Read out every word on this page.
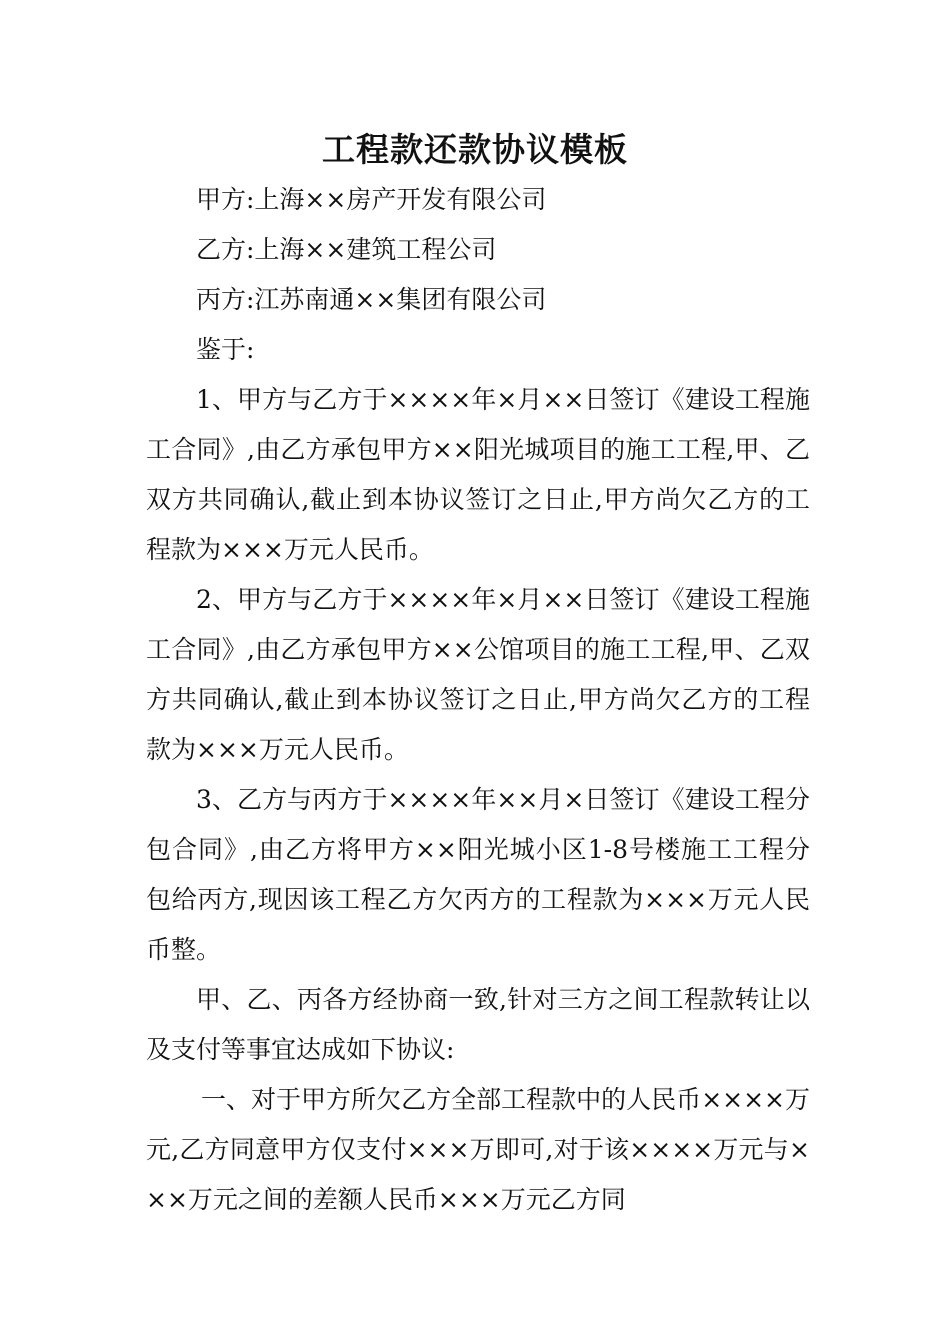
工程款还款协议模板

甲方:上海××房产开发有限公司

乙方:上海××建筑工程公司

丙方:江苏南通××集团有限公司

鉴于:

1、甲方与乙方于××××年×月××日签订《建设工程施工合同》,由乙方承包甲方××阳光城项目的施工工程,甲、乙双方共同确认,截止到本协议签订之日止,甲方尚欠乙方的工程款为×××万元人民币。

2、甲方与乙方于××××年×月××日签订《建设工程施工合同》,由乙方承包甲方××公馆项目的施工工程,甲、乙双方共同确认,截止到本协议签订之日止,甲方尚欠乙方的工程款为×××万元人民币。

3、乙方与丙方于××××年××月×日签订《建设工程分包合同》,由乙方将甲方××阳光城小区1-8号楼施工工程分包给丙方,现因该工程乙方欠丙方的工程款为×××万元人民币整。

甲、乙、丙各方经协商一致,针对三方之间工程款转让以及支付等事宜达成如下协议:

一、对于甲方所欠乙方全部工程款中的人民币××××万元,乙方同意甲方仅支付×××万即可,对于该××××万元与×××万元之间的差额人民币×××万元乙方同
